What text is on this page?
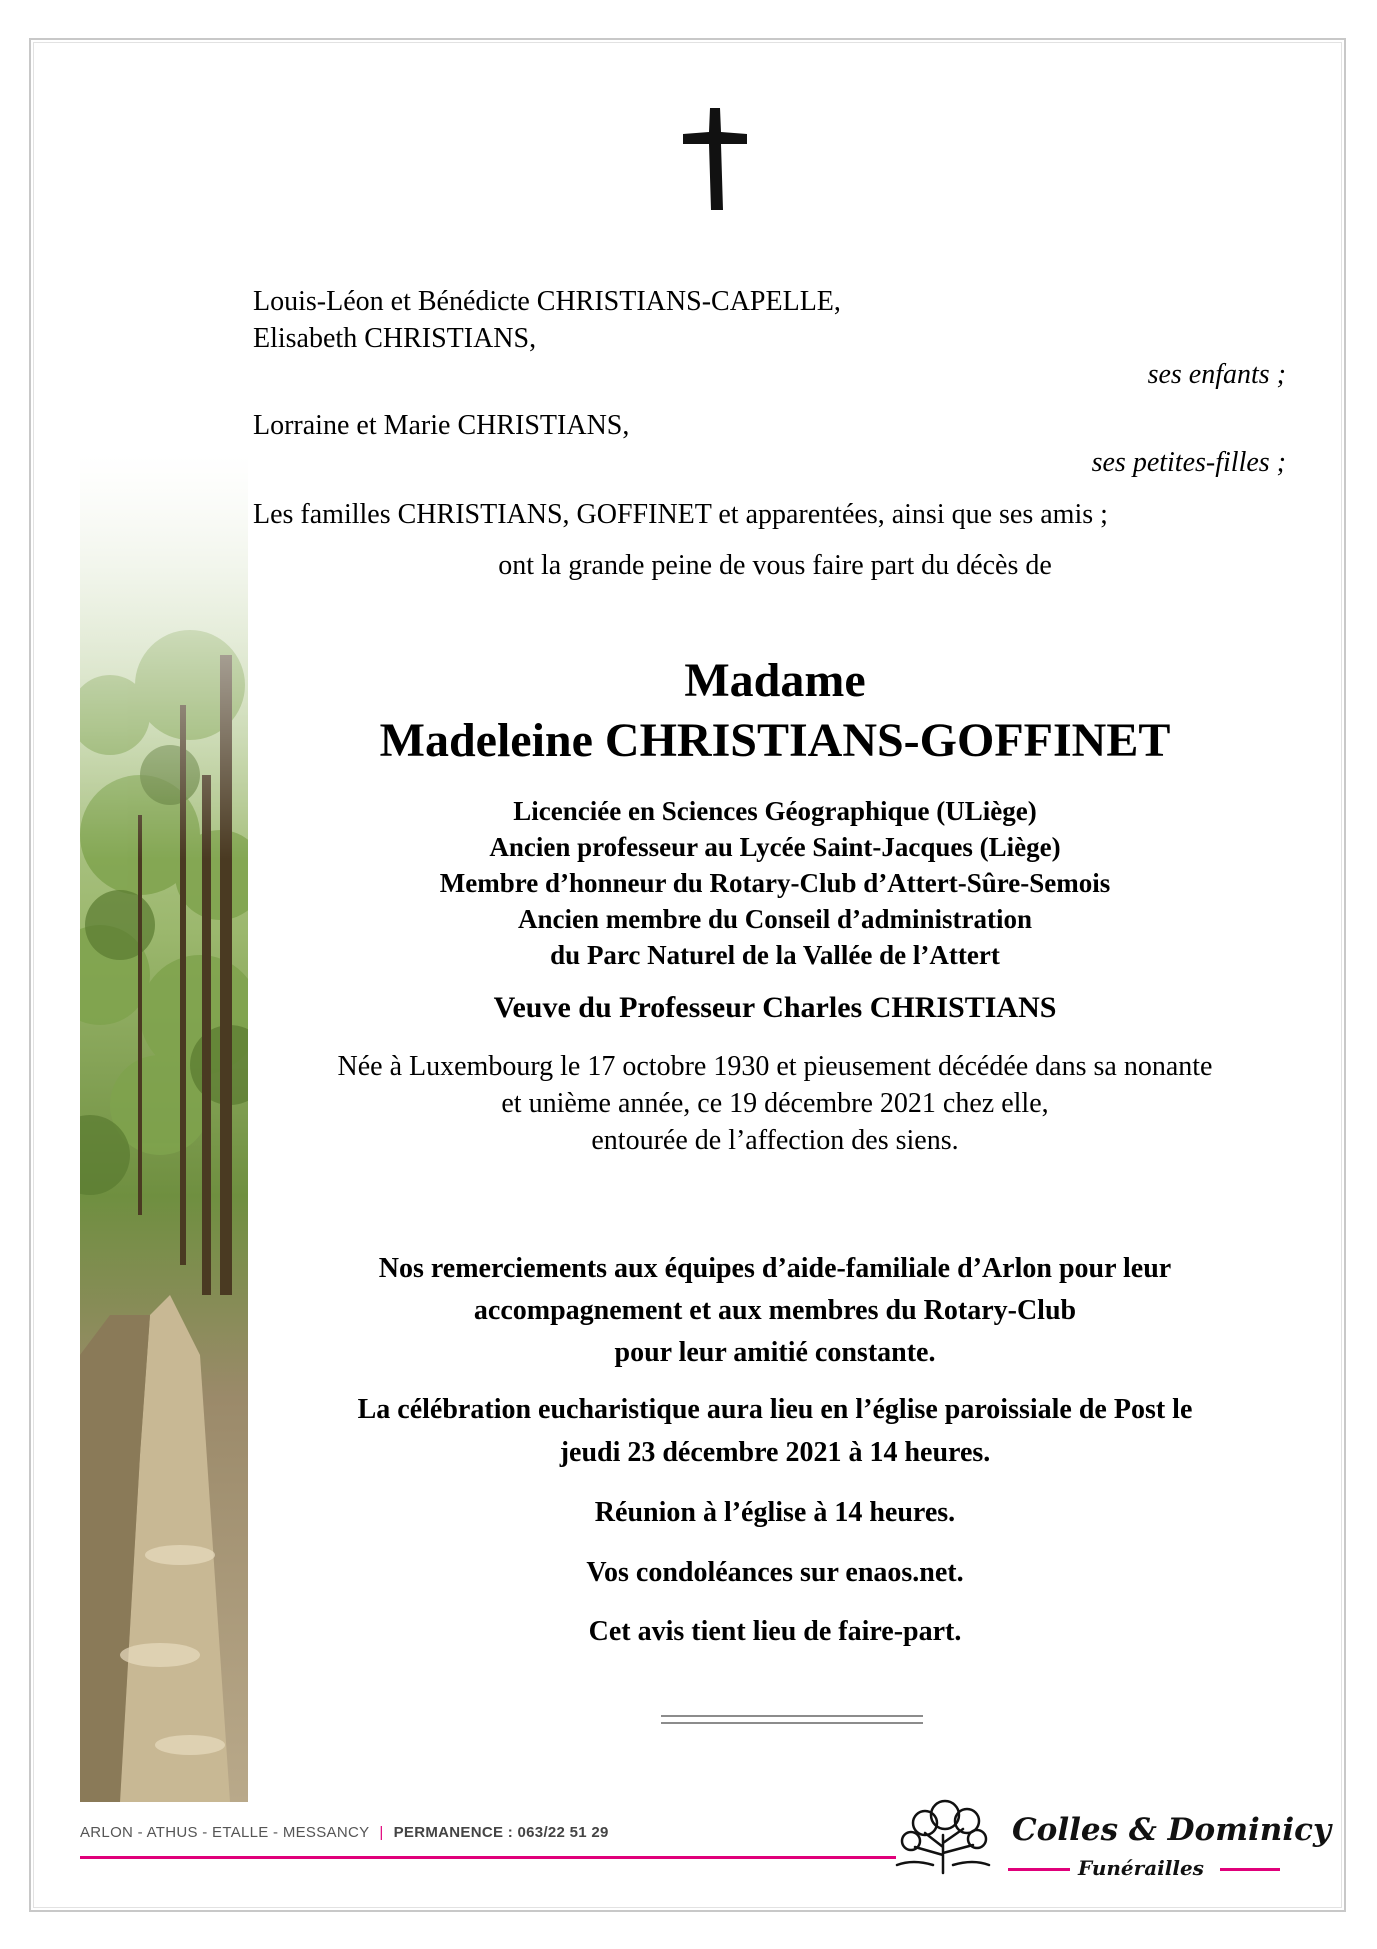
Louis-Léon et Bénédicte CHRISTIANS-CAPELLE,
Elisabeth CHRISTIANS,
ses enfants ;
Lorraine et Marie CHRISTIANS,
ses petites-filles ;
Les familles CHRISTIANS, GOFFINET et apparentées, ainsi que ses amis ;
ont la grande peine de vous faire part du décès de
Madame
Madeleine CHRISTIANS-GOFFINET
Licenciée en Sciences Géographique (ULiège)
Ancien professeur au Lycée Saint-Jacques (Liège)
Membre d’honneur du Rotary-Club d’Attert-Sûre-Semois
Ancien membre du Conseil d’administration
du Parc Naturel de la Vallée de l’Attert
Veuve du Professeur Charles CHRISTIANS
Née à Luxembourg le 17 octobre 1930 et pieusement décédée dans sa nonante
et unième année, ce 19 décembre 2021 chez elle,
entourée de l’affection des siens.
Nos remerciements aux équipes d’aide-familiale d’Arlon pour leur
accompagnement et aux membres du Rotary-Club
pour leur amitié constante.
La célébration eucharistique aura lieu en l’église paroissiale de Post le
jeudi 23 décembre 2021 à 14 heures.
Réunion à l’église à 14 heures.
Vos condoléances sur enaos.net.
Cet avis tient lieu de faire-part.
ARLON - ATHUS - ETALLE - MESSANCY | PERMANENCE : 063/22 51 29	Colles & Dominicy
Funérailles
